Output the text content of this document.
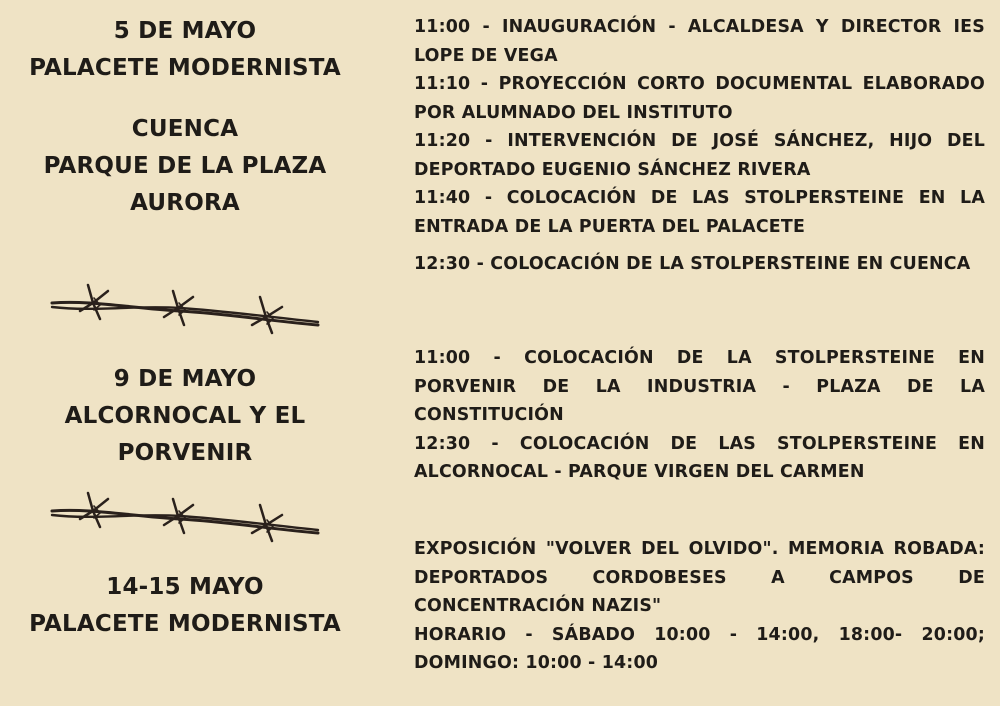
5 DE MAYO
PALACETE MODERNISTA
CUENCA
PARQUE DE LA PLAZA
AURORA
9 DE MAYO
ALCORNOCAL Y EL
PORVENIR
14-15 MAYO
PALACETE MODERNISTA

11:00 - INAUGURACIÓN - ALCALDESA Y DIRECTOR IES LOPE DE VEGA

11:10 - PROYECCIÓN CORTO DOCUMENTAL ELABORADO POR ALUMNADO DEL INSTITUTO

11:20 - INTERVENCIÓN DE JOSÉ SÁNCHEZ, HIJO DEL DEPORTADO EUGENIO SÁNCHEZ RIVERA

11:40 - COLOCACIÓN DE LAS STOLPERSTEINE EN LA ENTRADA DE LA PUERTA DEL PALACETE

12:30 - COLOCACIÓN DE LA STOLPERSTEINE EN CUENCA

11:00 - COLOCACIÓN DE LA STOLPERSTEINE EN PORVENIR DE LA INDUSTRIA - PLAZA DE LA CONSTITUCIÓN

12:30 - COLOCACIÓN DE LAS STOLPERSTEINE EN ALCORNOCAL - PARQUE VIRGEN DEL CARMEN

EXPOSICIÓN "VOLVER DEL OLVIDO". MEMORIA ROBADA: DEPORTADOS CORDOBESES A CAMPOS DE CONCENTRACIÓN NAZIS"

HORARIO - SÁBADO 10:00 - 14:00, 18:00- 20:00; DOMINGO: 10:00 - 14:00
